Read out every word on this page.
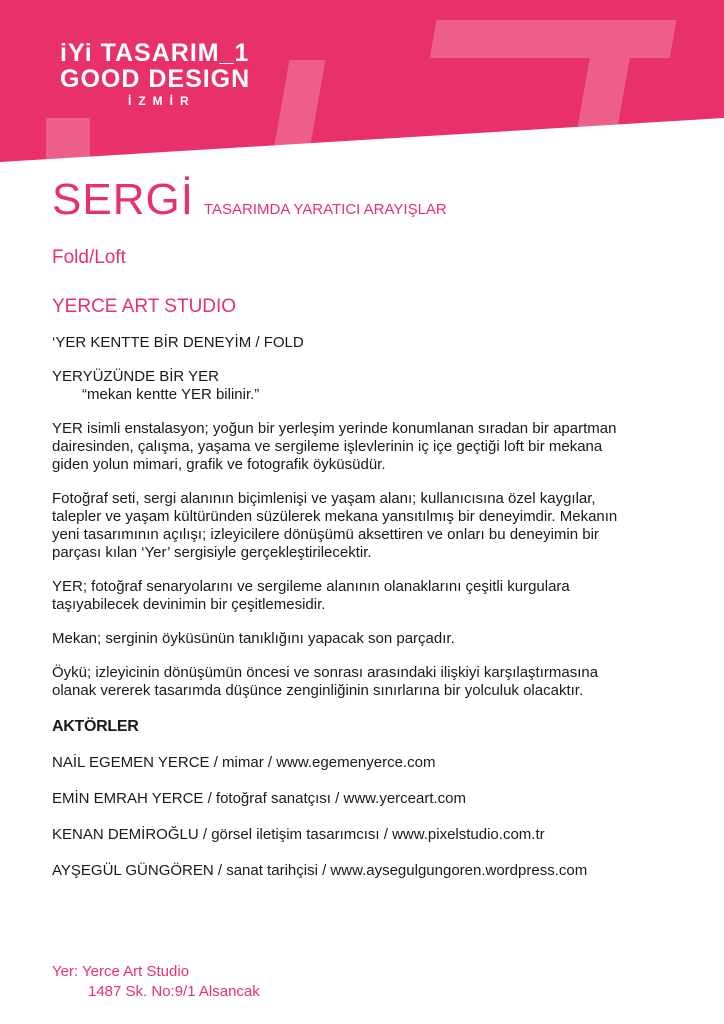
iYi TASARIM_1
GOOD DESIGN
İZMİR
SERGİ TASARIMDA YARATICI ARAYIŞLAR
Fold/Loft
YERCE ART STUDIO

‘YER KENTTE BİR DENEYİM / FOLD

YERYÜZÜNDE BİR YER

“mekan kentte YER bilinir.”

YER isimli enstalasyon; yoğun bir yerleşim yerinde konumlanan sıradan bir apartman dairesinden, çalışma, yaşama ve sergileme işlevlerinin iç içe geçtiği loft bir mekana giden yolun mimari, grafik ve fotografik öyküsüdür.

Fotoğraf seti, sergi alanının biçimlenişi ve yaşam alanı; kullanıcısına özel kaygılar, talepler ve yaşam kültüründen süzülerek mekana yansıtılmış bir deneyimdir. Mekanın yeni tasarımının açılışı; izleyicilere dönüşümü aksettiren ve onları bu deneyimin bir parçası kılan ‘Yer’ sergisiyle gerçekleştirilecektir.

YER; fotoğraf senaryolarını ve sergileme alanının olanaklarını çeşitli kurgulara taşıyabilecek devinimin bir çeşitlemesidir.

Mekan; serginin öyküsünün tanıklığını yapacak son parçadır.

Öykü; izleyicinin dönüşümün öncesi ve sonrası arasındaki ilişkiyi karşılaştırmasına olanak vererek tasarımda düşünce zenginliğinin sınırlarına bir yolculuk olacaktır.

AKTÖRLER
NAİL EGEMEN YERCE / mimar / www.egemenyerce.com
EMİN EMRAH YERCE / fotoğraf sanatçısı / www.yerceart.com
KENAN DEMİROĞLU / görsel iletişim tasarımcısı / www.pixelstudio.com.tr
AYŞEGÜL GÜNGÖREN / sanat tarihçisi / www.aysegulgungoren.wordpress.com
Yer: Yerce Art Studio
1487 Sk. No:9/1 Alsancak
